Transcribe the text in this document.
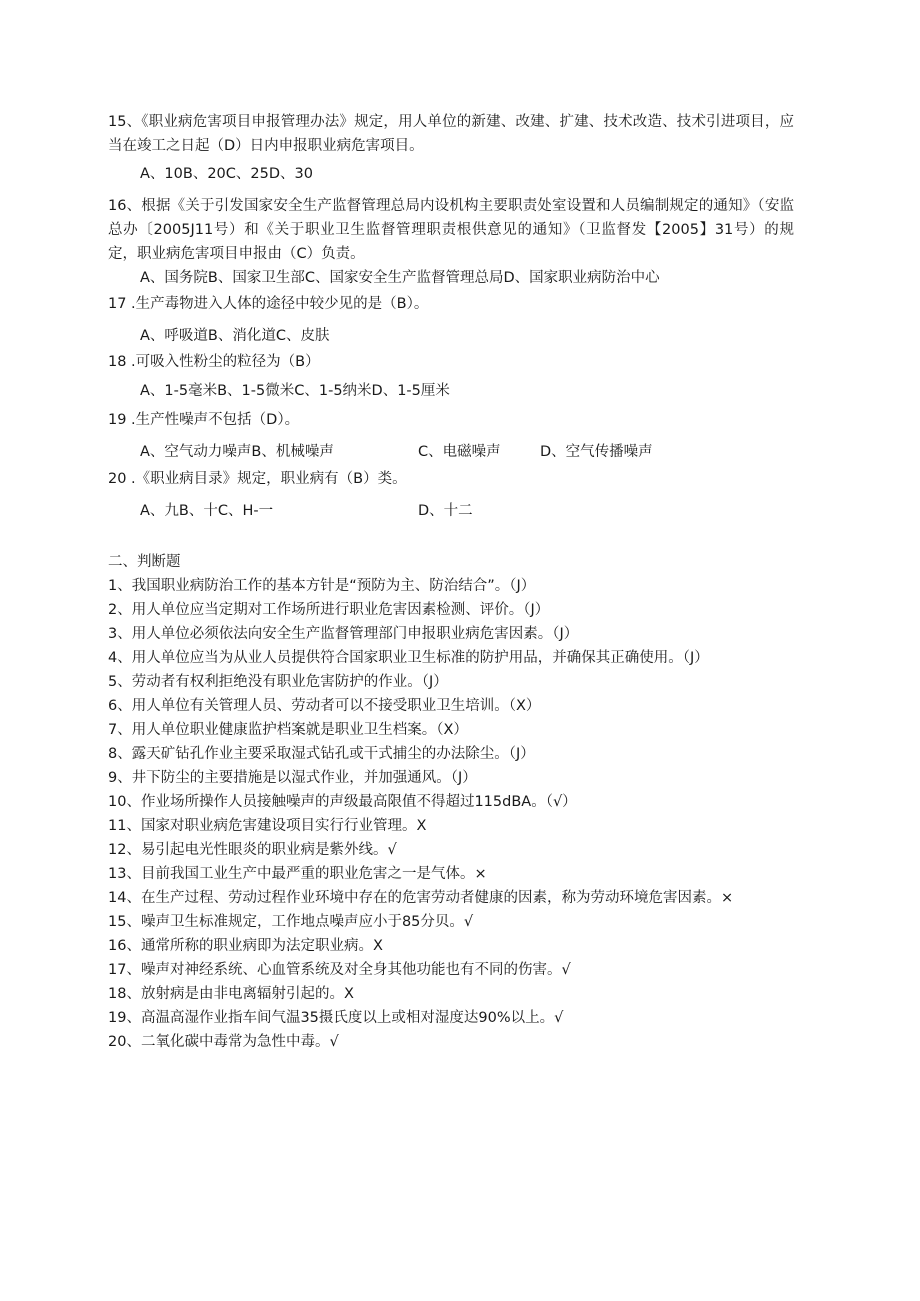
15、《职业病危害项目申报管理办法》规定，用人单位的新建、改建、扩建、技术改造、技术引进项目，应当在竣工之日起（D）日内申报职业病危害项目。
A、10B、20C、25D、30
16、根据《关于引发国家安全生产监督管理总局内设机构主要职责处室设置和人员编制规定的通知》（安监总办〔2005J11号）和《关于职业卫生监督管理职责根供意见的通知》（卫监督发【2005】31号）的规定，职业病危害项目申报由（C）负责。
A、国务院B、国家卫生部C、国家安全生产监督管理总局D、国家职业病防治中心
17 .生产毒物进入人体的途径中较少见的是（B）。
A、呼吸道B、消化道C、皮肤
18 .可吸入性粉尘的粒径为（B）
A、1-5毫米B、1-5微米C、1-5纳米D、1-5厘米
19 .生产性噪声不包括（D）。
A、空气动力噪声B、机械噪声	C、电磁噪声	D、空气传播噪声
20 .《职业病目录》规定，职业病有（B）类。
A、九B、十C、H-一	D、十二
二、判断题
1、我国职业病防治工作的基本方针是“预防为主、防治结合”。（J）
2、用人单位应当定期对工作场所进行职业危害因素检测、评价。（J）
3、用人单位必须依法向安全生产监督管理部门申报职业病危害因素。（J）
4、用人单位应当为从业人员提供符合国家职业卫生标准的防护用品，并确保其正确使用。（J）
5、劳动者有权利拒绝没有职业危害防护的作业。（J）
6、用人单位有关管理人员、劳动者可以不接受职业卫生培训。（X）
7、用人单位职业健康监护档案就是职业卫生档案。（X）
8、露天矿钻孔作业主要采取湿式钻孔或干式捕尘的办法除尘。（J）
9、井下防尘的主要措施是以湿式作业，并加强通风。（J）
10、作业场所操作人员接触噪声的声级最高限值不得超过115dBA。（√）
11、国家对职业病危害建设项目实行行业管理。X
12、易引起电光性眼炎的职业病是紫外线。√
13、目前我国工业生产中最严重的职业危害之一是气体。×
14、在生产过程、劳动过程作业环境中存在的危害劳动者健康的因素，称为劳动环境危害因素。×
15、噪声卫生标准规定，工作地点噪声应小于85分贝。√
16、通常所称的职业病即为法定职业病。X
17、噪声对神经系统、心血管系统及对全身其他功能也有不同的伤害。√
18、放射病是由非电离辐射引起的。X
19、高温高湿作业指车间气温35摄氏度以上或相对湿度达90%以上。√
20、二氧化碳中毒常为急性中毒。√
